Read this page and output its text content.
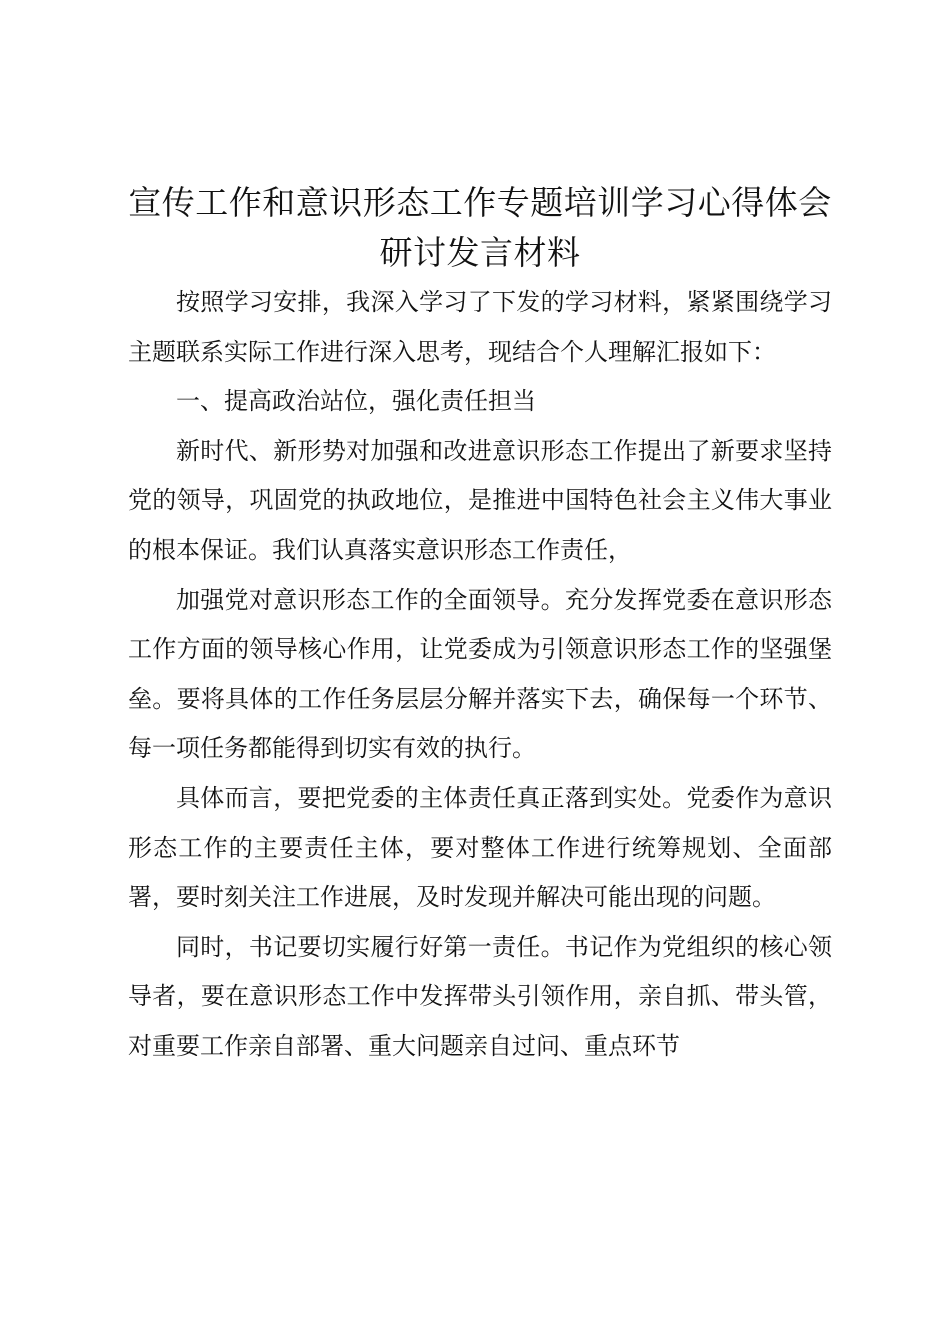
宣传工作和意识形态工作专题培训学习心得体会研讨发言材料

按照学习安排，我深入学习了下发的学习材料，紧紧围绕学习主题联系实际工作进行深入思考，现结合个人理解汇报如下：

一、提高政治站位，强化责任担当

新时代、新形势对加强和改进意识形态工作提出了新要求坚持党的领导，巩固党的执政地位，是推进中国特色社会主义伟大事业的根本保证。我们认真落实意识形态工作责任，

加强党对意识形态工作的全面领导。充分发挥党委在意识形态工作方面的领导核心作用，让党委成为引领意识形态工作的坚强堡垒。要将具体的工作任务层层分解并落实下去，确保每一个环节、每一项任务都能得到切实有效的执行。

具体而言，要把党委的主体责任真正落到实处。党委作为意识形态工作的主要责任主体，要对整体工作进行统筹规划、全面部署，要时刻关注工作进展，及时发现并解决可能出现的问题。

同时，书记要切实履行好第一责任。书记作为党组织的核心领导者，要在意识形态工作中发挥带头引领作用，亲自抓、带头管，对重要工作亲自部署、重大问题亲自过问、重点环节
